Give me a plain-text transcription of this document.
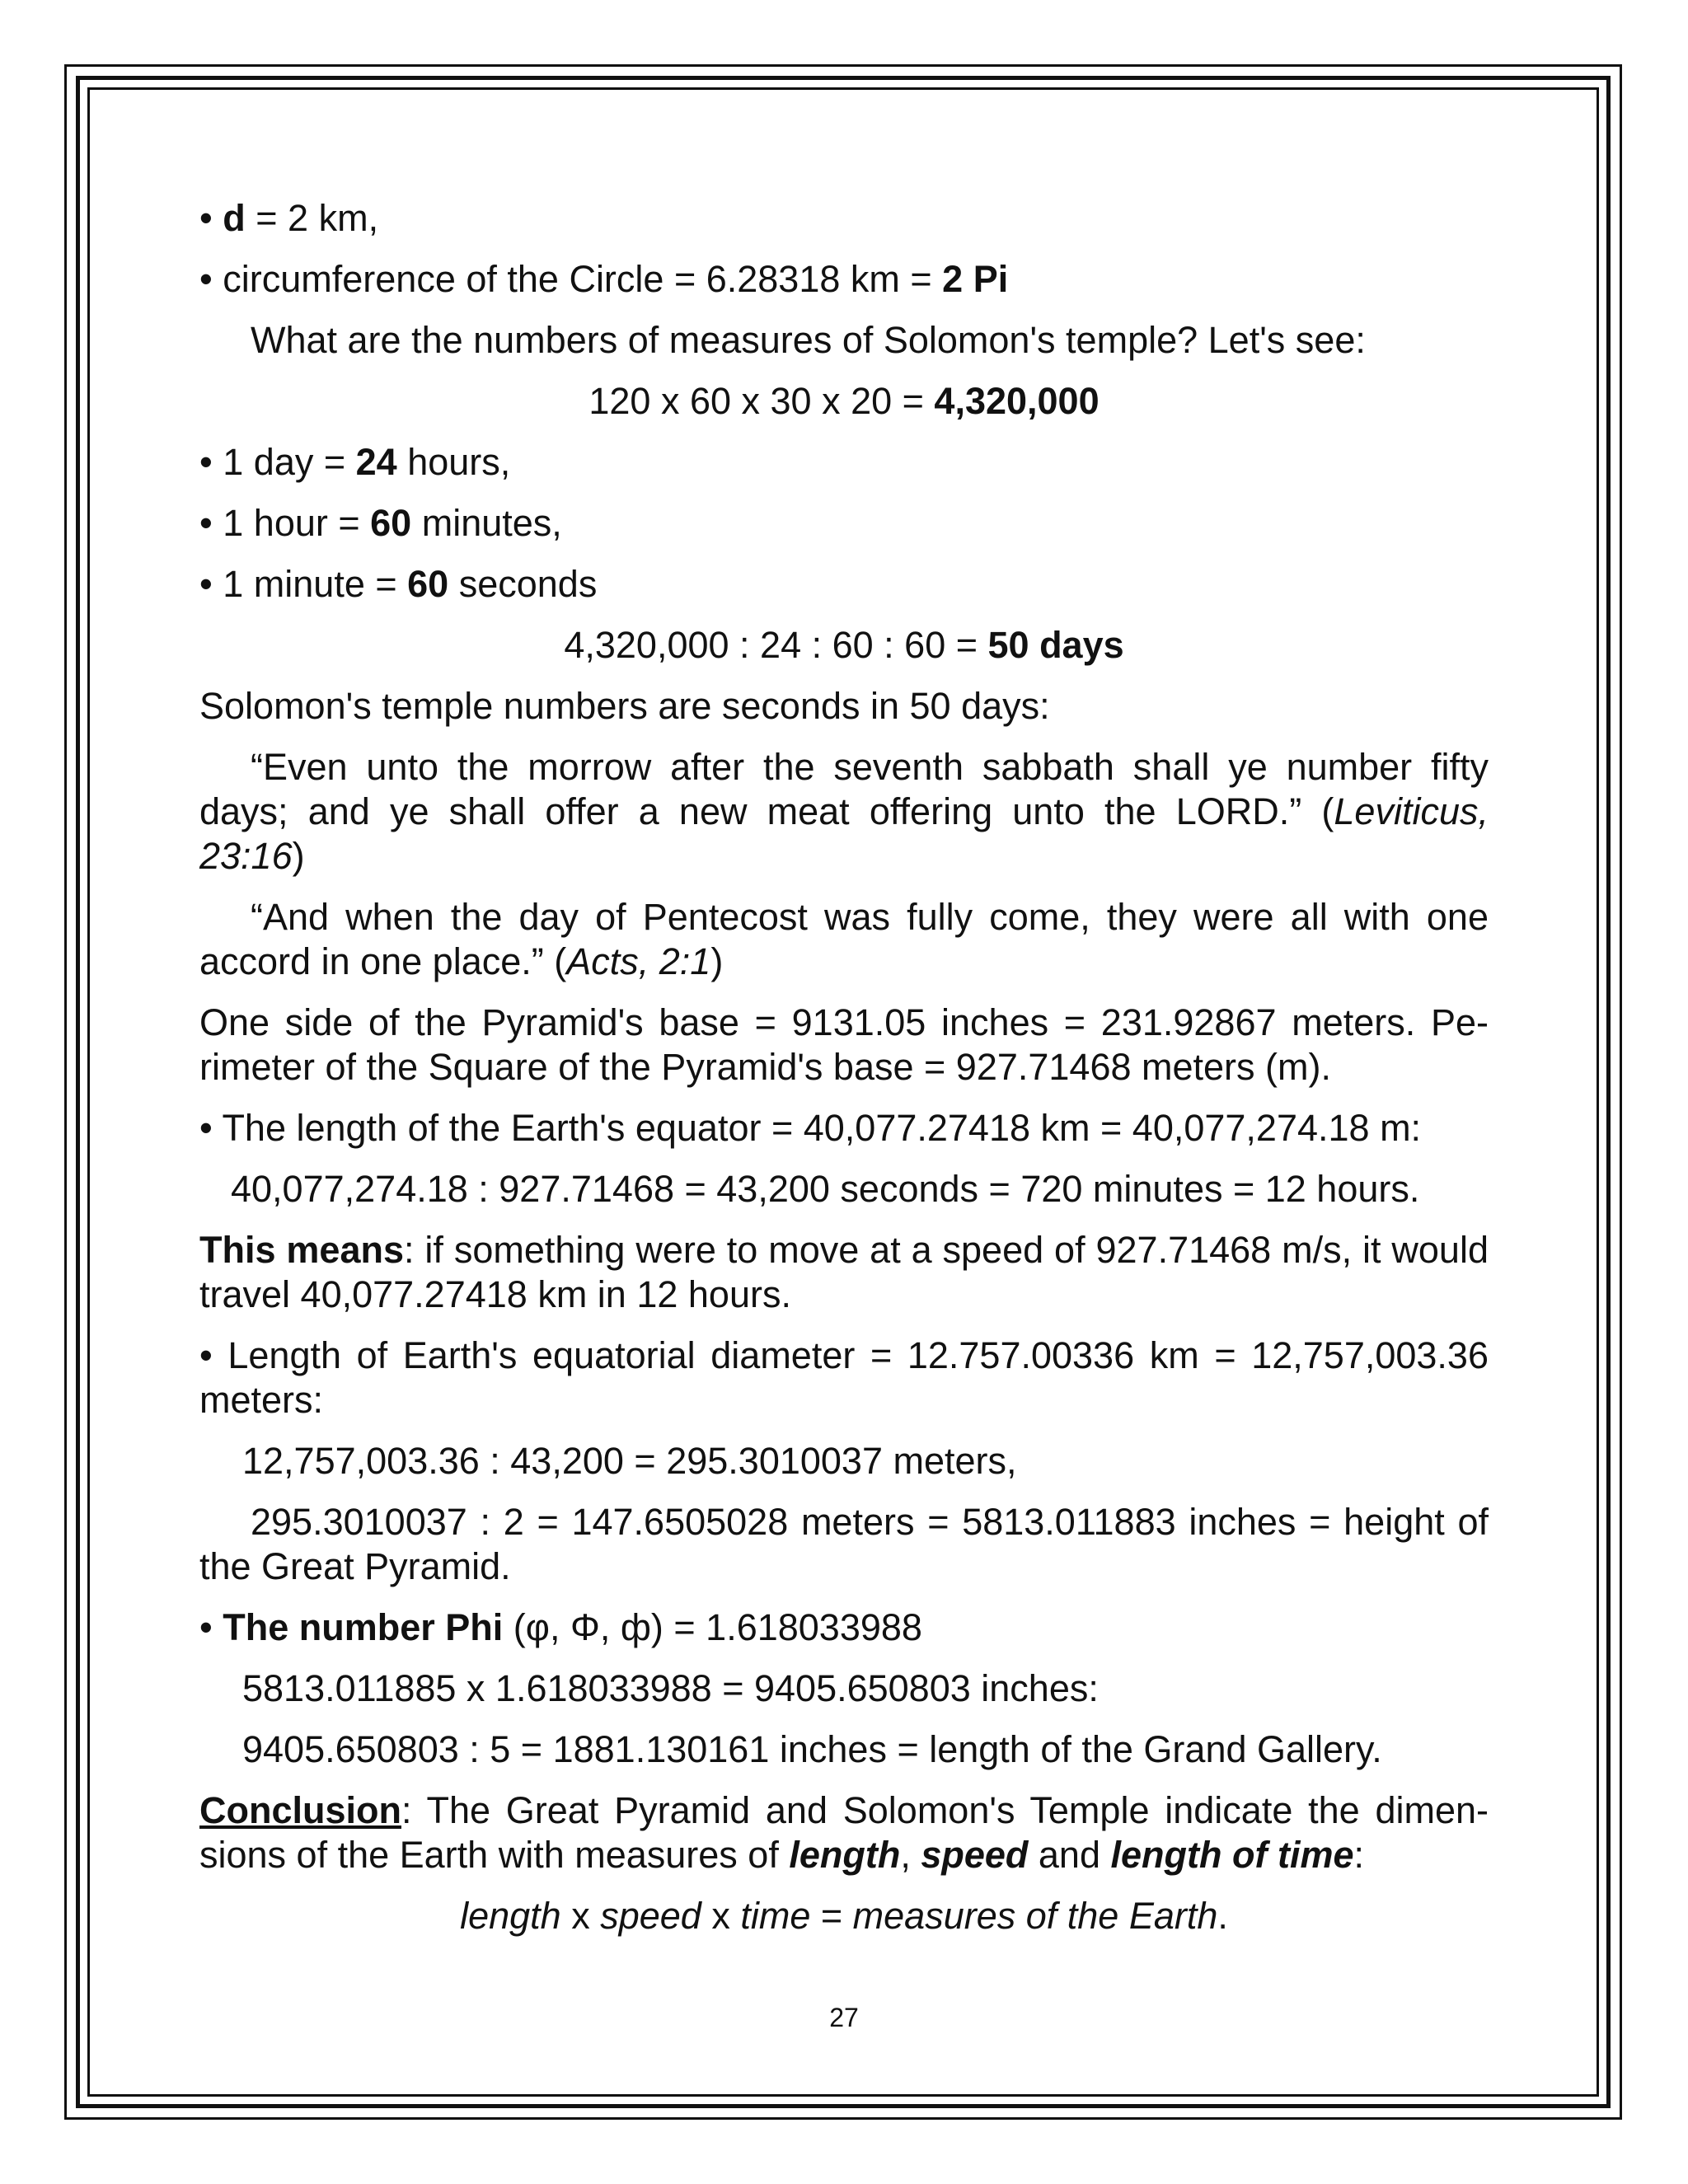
• d = 2 km,

• circumference of the Circle = 6.28318 km = 2 Pi

What are the numbers of measures of Solomon's temple? Let's see:

120 x 60 x 30 x 20 = 4,320,000

• 1 day = 24 hours,

• 1 hour = 60 minutes,

• 1 minute = 60 seconds

4,320,000 : 24 : 60 : 60 = 50 days

Solomon's temple numbers are seconds in 50 days:

“Even unto the morrow after the seventh sabbath shall ye number fifty days; and ye shall offer a new meat offering unto the LORD.” (Leviticus, 23:16)

“And when the day of Pentecost was fully come, they were all with one accord in one place.” (Acts, 2:1)

One side of the Pyramid's base = 9131.05 inches = 231.92867 meters. Pe-rimeter of the Square of the Pyramid's base = 927.71468 meters (m).

• The length of the Earth's equator = 40,077.27418 km = 40,077,274.18 m:

40,077,274.18 : 927.71468 = 43,200 seconds = 720 minutes = 12 hours.

This means: if something were to move at a speed of 927.71468 m/s, it would travel 40,077.27418 km in 12 hours.

• Length of Earth's equatorial diameter = 12.757.00336 km = 12,757,003.36 meters:

12,757,003.36 : 43,200 = 295.3010037 meters,

295.3010037 : 2 = 147.6505028 meters = 5813.011883 inches = height of the Great Pyramid.

• The number Phi (φ, Φ, ф) = 1.618033988

5813.011885 x 1.618033988 = 9405.650803 inches:

9405.650803 : 5 = 1881.130161 inches = length of the Grand Gallery.

Conclusion: The Great Pyramid and Solomon's Temple indicate the dimen-sions of the Earth with measures of length, speed and length of time:

length x speed x time = measures of the Earth.

27
